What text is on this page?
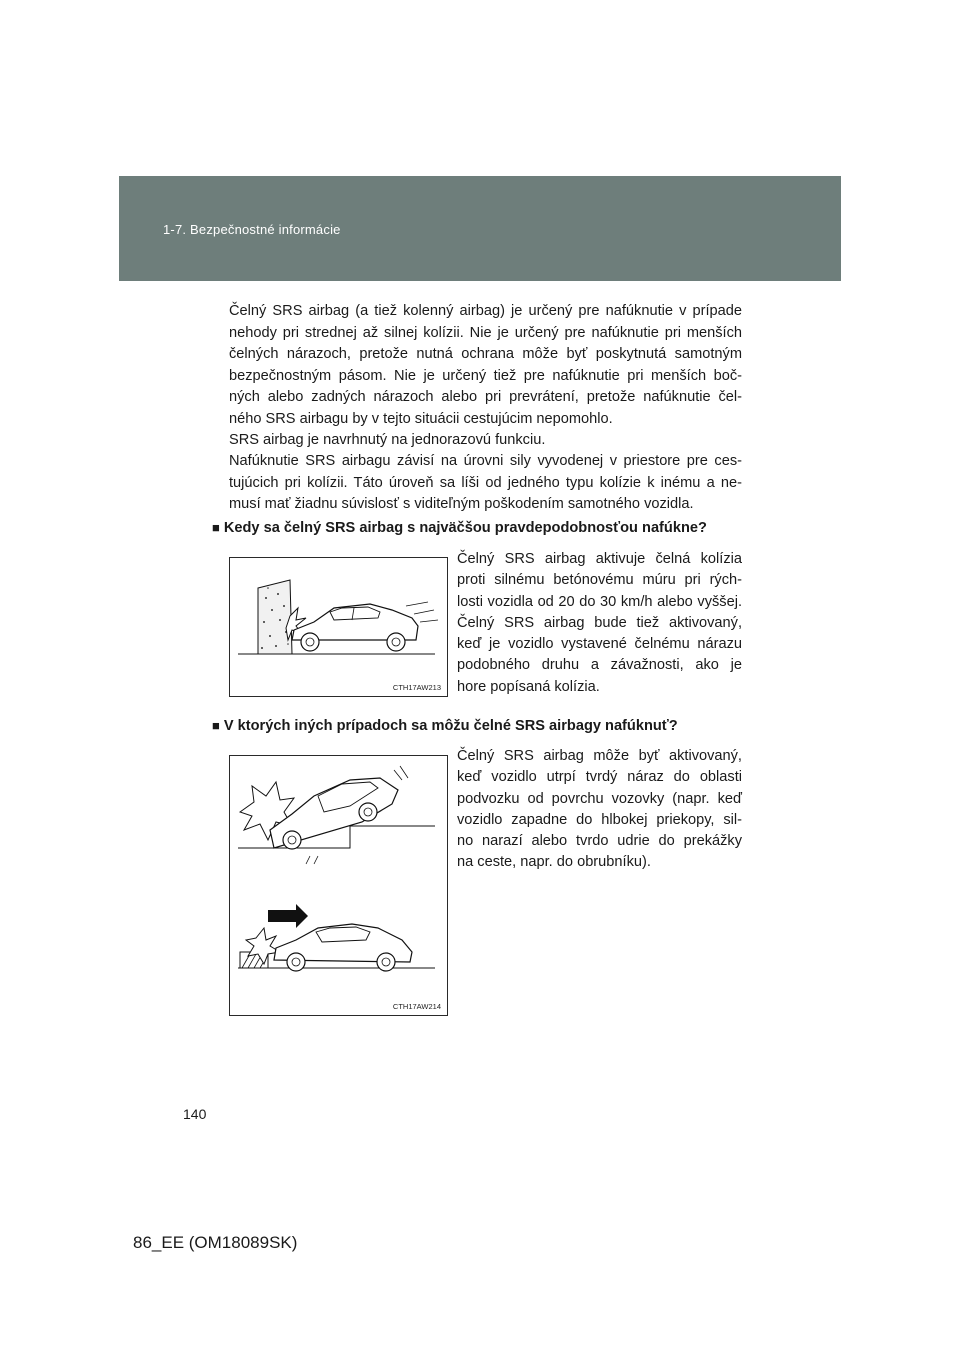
1-7. Bezpečnostné informácie
Čelný SRS airbag (a tiež kolenný airbag) je určený pre nafúknutie v prípade
nehody pri strednej až silnej kolízii. Nie je určený pre nafúknutie pri menších
čelných nárazoch, pretože nutná ochrana môže byť poskytnutá samotným
bezpečnostným pásom. Nie je určený tiež pre nafúknutie pri menších boč-
ných alebo zadných nárazoch alebo pri prevrátení, pretože nafúknutie čel-
ného SRS airbagu by v tejto situácii cestujúcim nepomohlo.
SRS airbag je navrhnutý na jednorazovú funkciu.
Nafúknutie SRS airbagu závisí na úrovni sily vyvodenej v priestore pre ces-
tujúcich pri kolízii. Táto úroveň sa líši od jedného typu kolízie k inému a ne-
musí mať žiadnu súvislosť s viditeľným poškodením samotného vozidla.
■ Kedy sa čelný SRS airbag s najväčšou pravdepodobnosťou nafúkne?
CTH17AW213
Čelný SRS airbag aktivuje čelná kolízia
proti silnému betónovému múru pri rých-
losti vozidla od 20 do 30 km/h alebo vyššej.
Čelný SRS airbag bude tiež aktivovaný,
keď je vozidlo vystavené čelnému nárazu
podobného druhu a závažnosti, ako je
hore popísaná kolízia.
■ V ktorých iných prípadoch sa môžu čelné SRS airbagy nafúknuť?
CTH17AW214
Čelný SRS airbag môže byť aktivovaný,
keď vozidlo utrpí tvrdý náraz do oblasti
podvozku od povrchu vozovky (napr. keď
vozidlo zapadne do hlbokej priekopy, sil-
no narazí alebo tvrdo udrie do prekážky
na ceste, napr. do obrubníku).
140
86_EE (OM18089SK)
